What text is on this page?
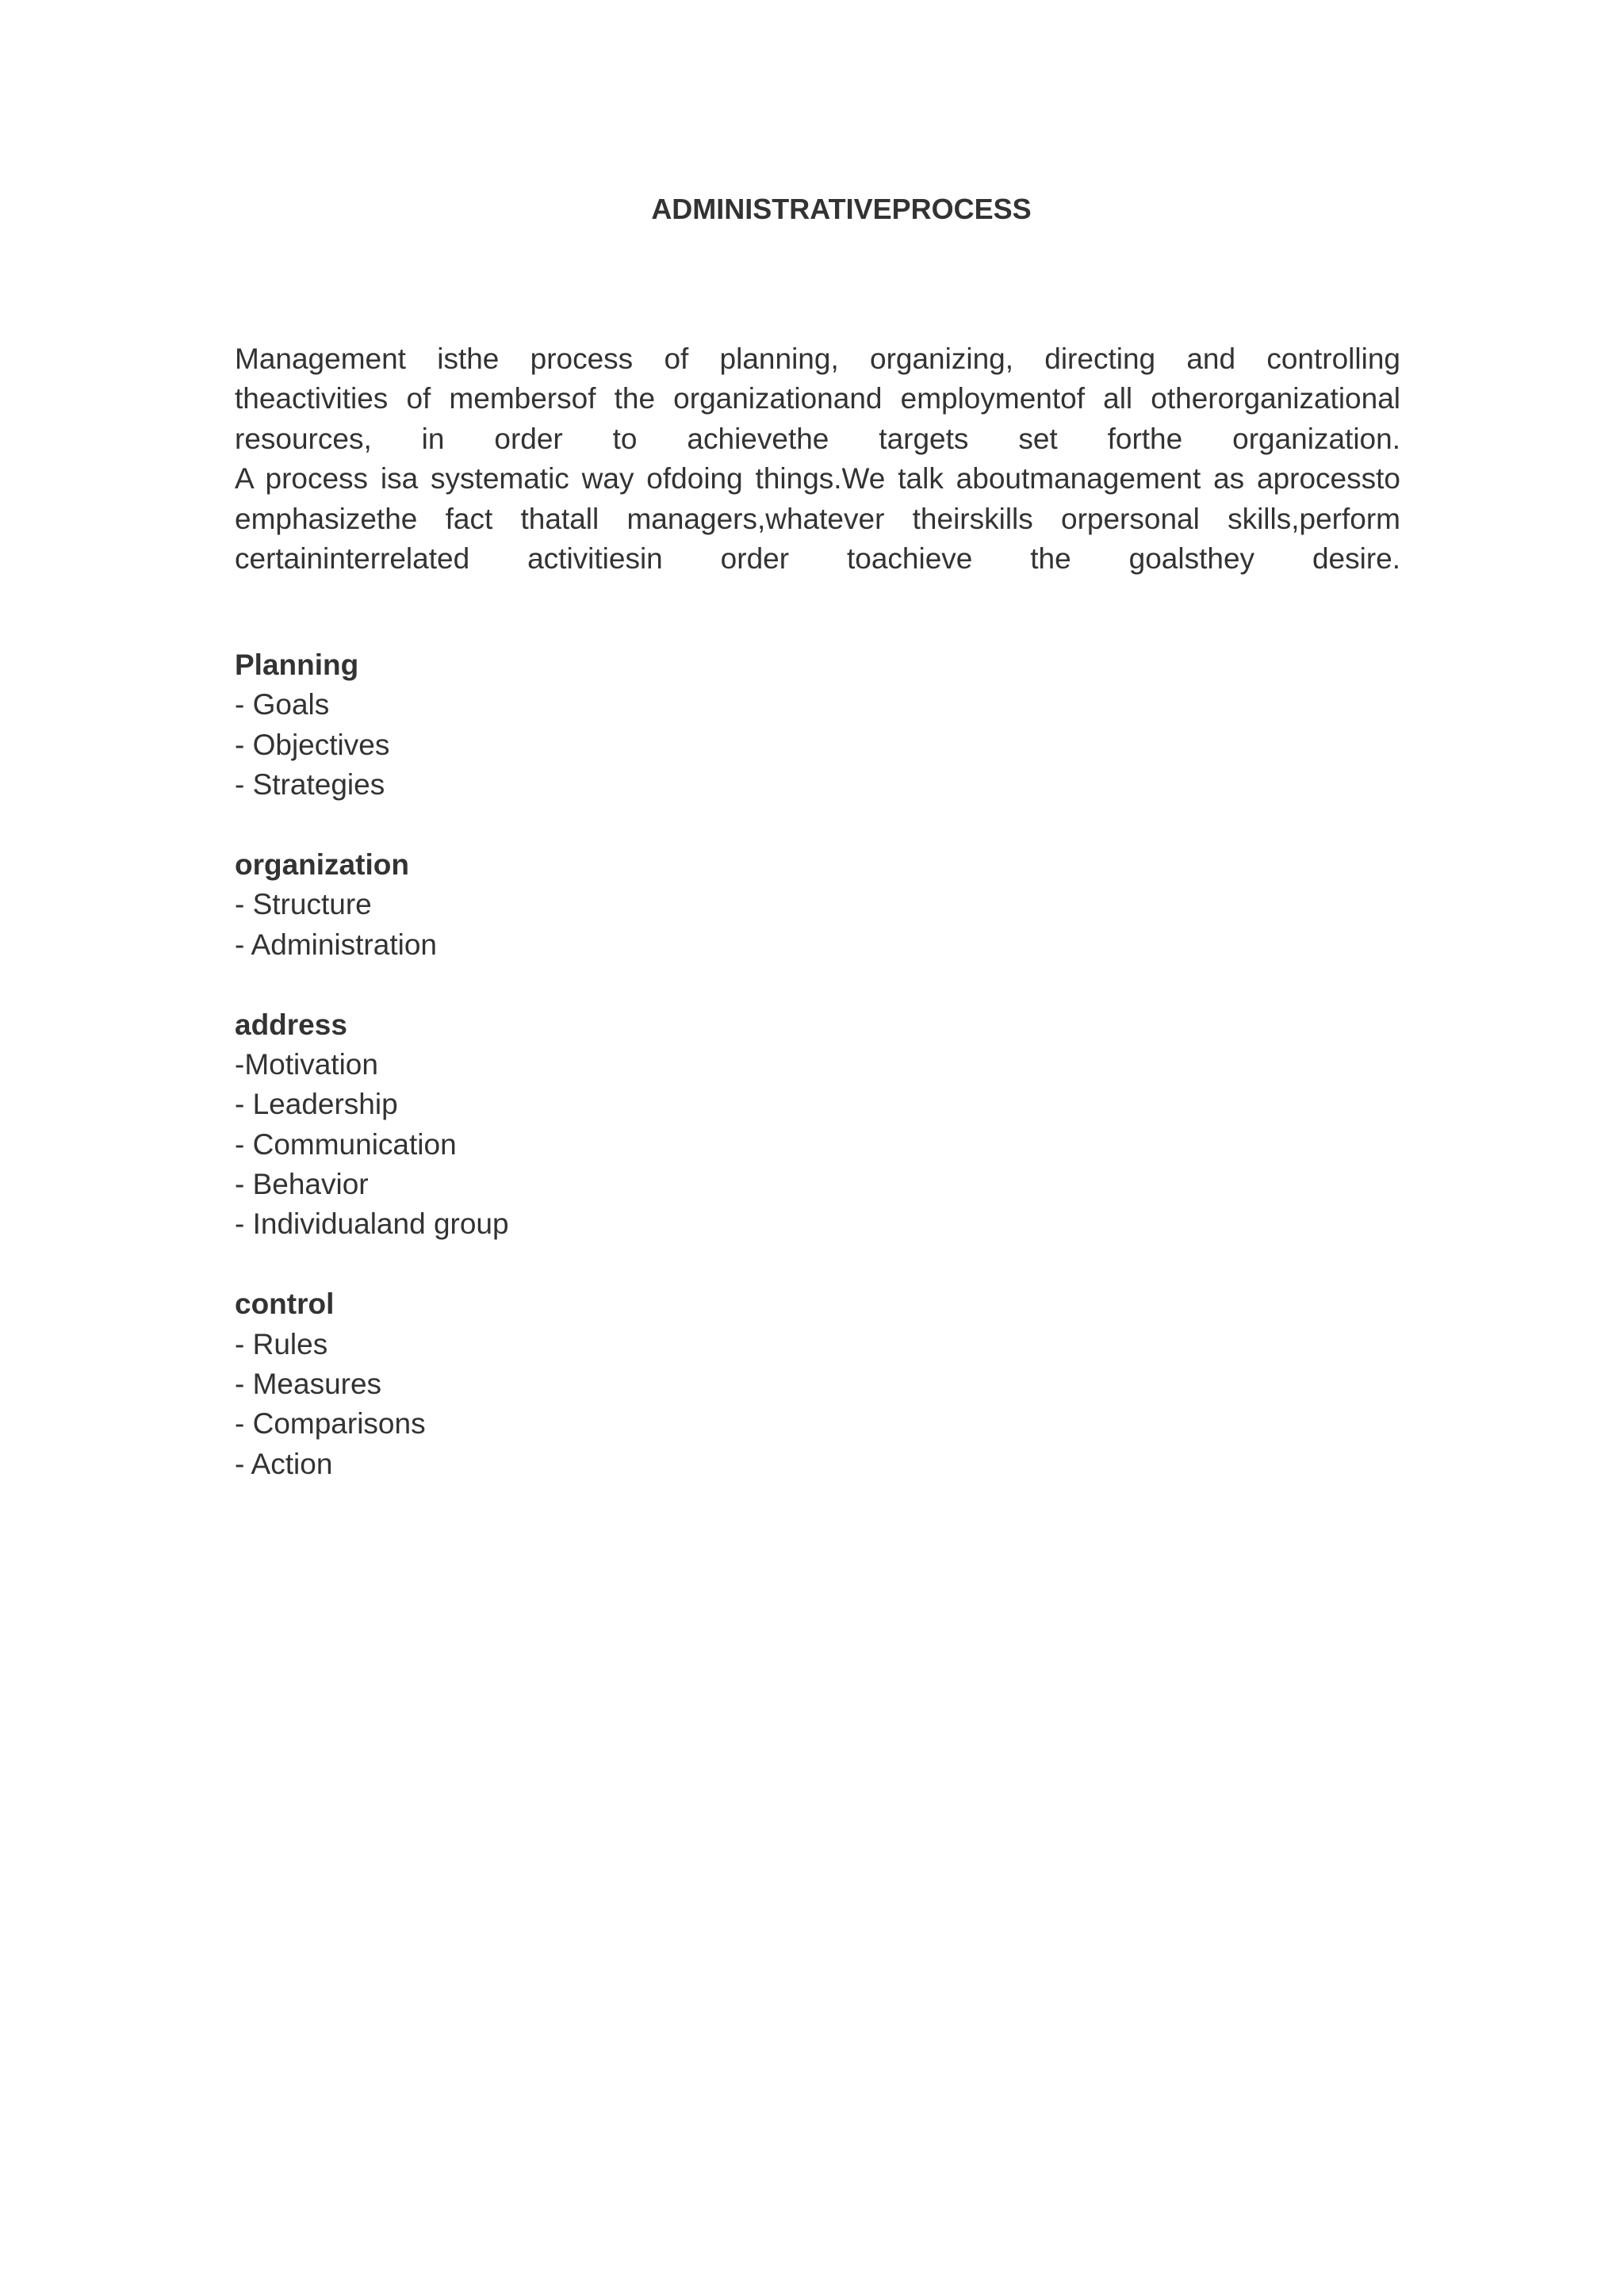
ADMINISTRATIVEPROCESS
Management isthe process of planning, organizing, directing and controlling
theactivities of membersof the organizationand employmentof all otherorganizational
resources, in order to achievethe targets set forthe organization.
A process isa systematic way ofdoing things.We talk aboutmanagement as aprocessto
emphasizethe fact thatall managers,whatever theirskills orpersonal skills,perform
certaininterrelated activitiesin order toachieve the goalsthey desire.
Planning
- Goals
- Objectives
- Strategies
organization
- Structure
- Administration
address
-Motivation
- Leadership
- Communication
- Behavior
- Individualand group
control
- Rules
- Measures
- Comparisons
- Action
